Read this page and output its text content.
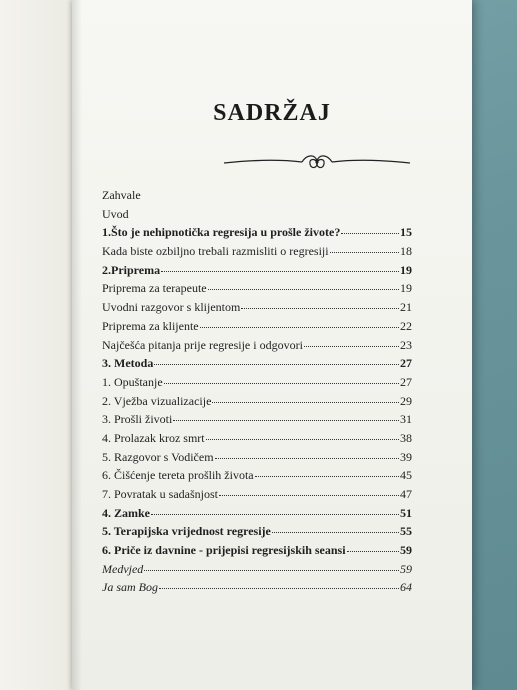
SADRŽAJ
Zahvale
Uvod
1.Što je nehipnotička regresija u prošle živote?	15
Kada biste ozbiljno trebali razmisliti o regresiji	18
2.Priprema	19
Priprema za terapeute	19
Uvodni razgovor s klijentom	21
Priprema za klijente	22
Najčešća pitanja prije regresije i odgovori	23
3. Metoda	27
1. Opuštanje	27
2. Vježba vizualizacije	29
3. Prošli životi	31
4. Prolazak kroz smrt	38
5. Razgovor s Vodičem	39
6. Čišćenje tereta prošlih života	45
7. Povratak u sadašnjost	47
4. Zamke	51
5. Terapijska vrijednost regresije	55
6. Priče iz davnine - prijepisi regresijskih seansi	59
Medvjed	59
Ja sam Bog	64
